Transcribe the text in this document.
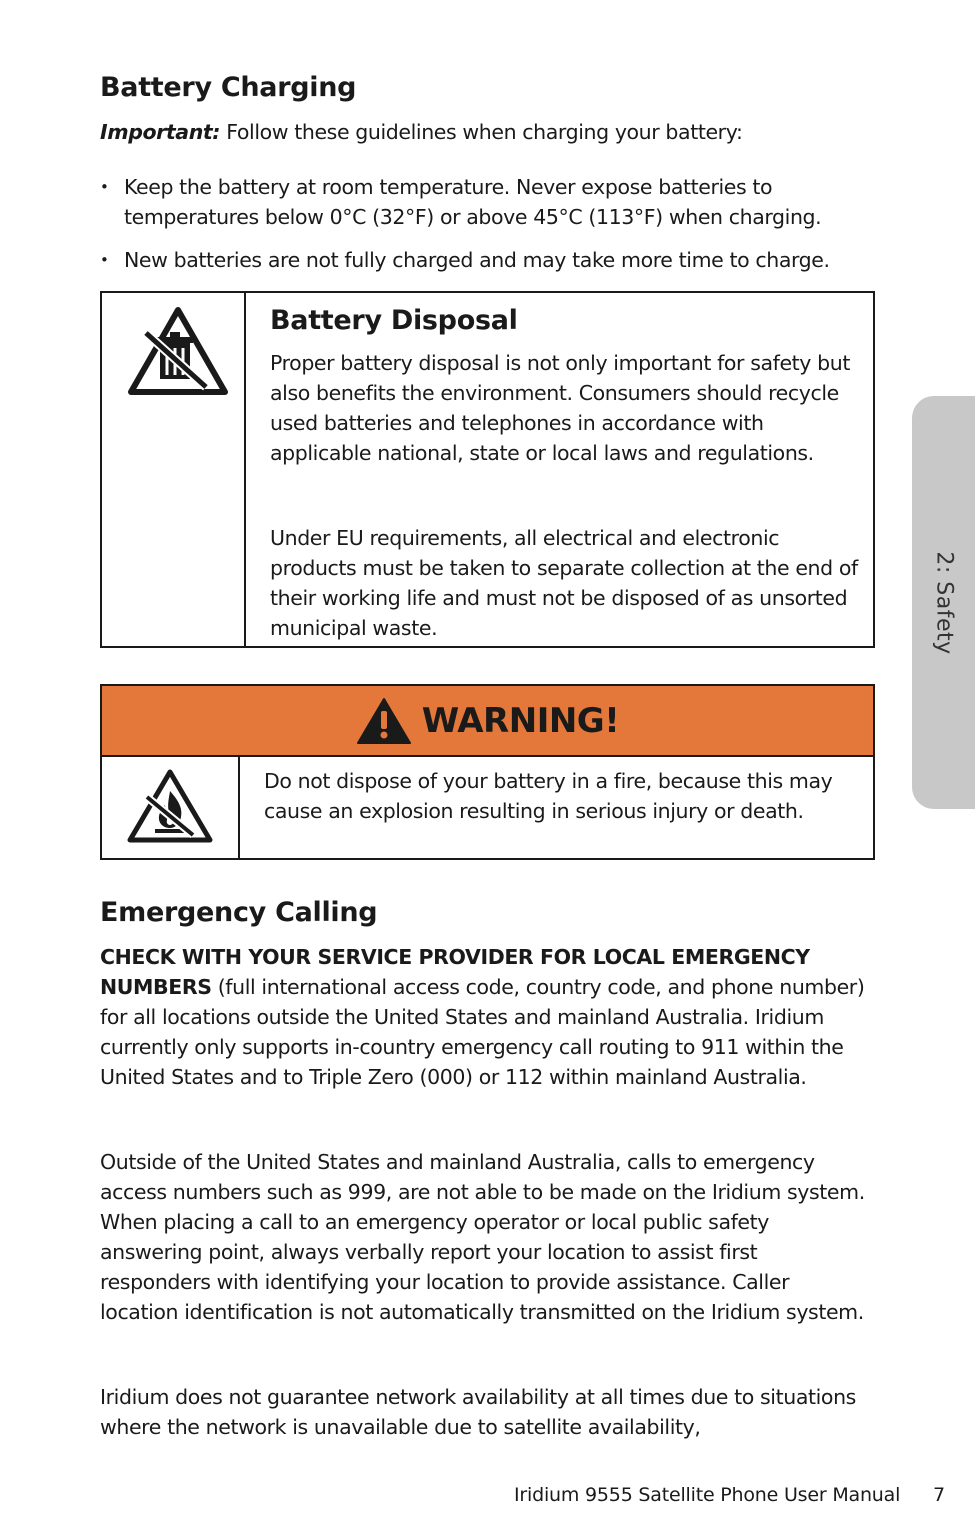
Battery Charging
Important: Follow these guidelines when charging your battery:
• Keep the battery at room temperature. Never expose batteries to temperatures below 0°C (32°F) or above 45°C (113°F) when charging.
• New batteries are not fully charged and may take more time to charge.
Battery Disposal

Proper battery disposal is not only important for safety but also benefits the environment. Consumers should recycle used batteries and telephones in accordance with applicable national, state or local laws and regulations.

Under EU requirements, all electrical and electronic products must be taken to separate collection at the end of their working life and must not be disposed of as unsorted municipal waste.

WARNING!

Do not dispose of your battery in a fire, because this may cause an explosion resulting in serious injury or death.

Emergency Calling

CHECK WITH YOUR SERVICE PROVIDER FOR LOCAL EMERGENCY NUMBERS (full international access code, country code, and phone number) for all locations outside the United States and mainland Australia. Iridium currently only supports in-country emergency call routing to 911 within the United States and to Triple Zero (000) or 112 within mainland Australia.

Outside of the United States and mainland Australia, calls to emergency access numbers such as 999, are not able to be made on the Iridium system. When placing a call to an emergency operator or local public safety answering point, always verbally report your location to assist first responders with identifying your location to provide assistance. Caller location identification is not automatically transmitted on the Iridium system.

Iridium does not guarantee network availability at all times due to situations where the network is unavailable due to satellite availability,

2: Safety
Iridium 9555 Satellite Phone User Manual 7
